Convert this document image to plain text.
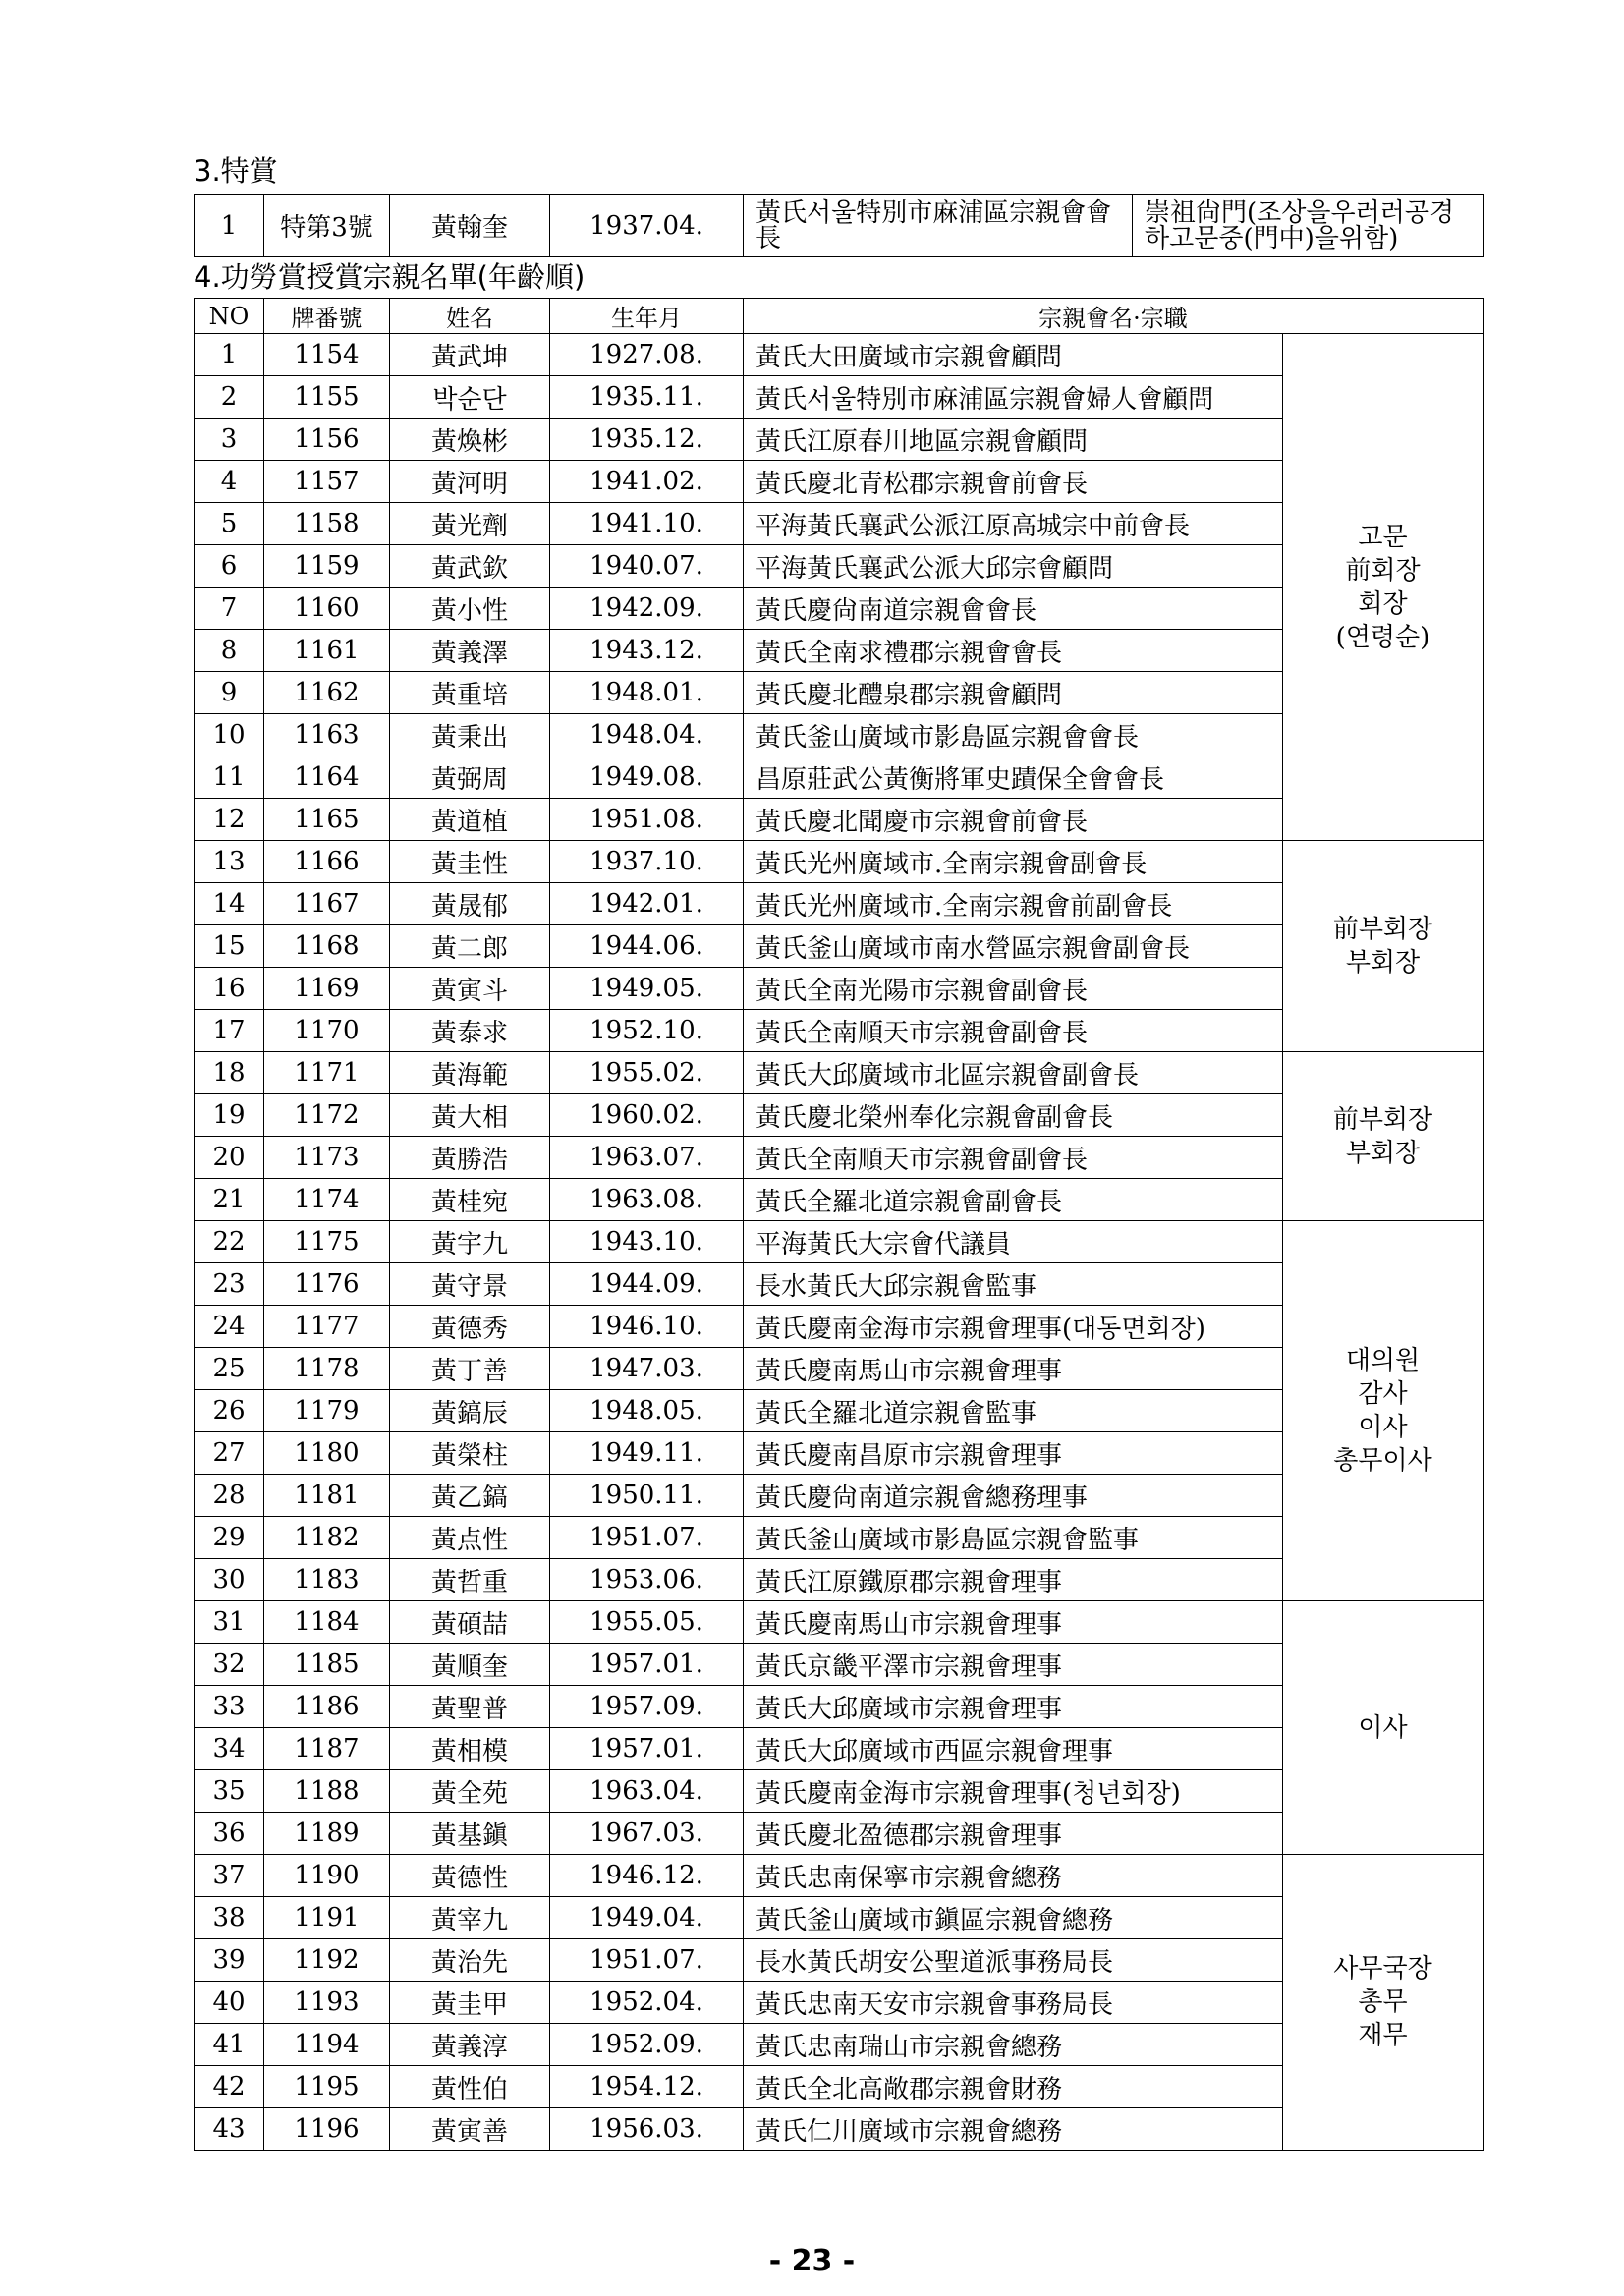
3.特賞
1	特第3號	黃翰奎	1937.04.	黃氏서울特別市麻浦區宗親會會長	崇祖尙門(조상을우러러공경하고문중(門中)을위함)
4.功勞賞授賞宗親名單(年齡順)
NO	牌番號	姓名	生年月	宗親會名·宗職	
1	1154	黃武坤	1927.08.	黃氏大田廣域市宗親會顧問	고문
前회장
회장
(연령순)

2	1155	박순단	1935.11.	黃氏서울特別市麻浦區宗親會婦人會顧問	
3	1156	黃煥彬	1935.12.	黃氏江原春川地區宗親會顧問	
4	1157	黃河明	1941.02.	黃氏慶北青松郡宗親會前會長	
5	1158	黃光劑	1941.10.	平海黃氏襄武公派江原高城宗中前會長	
6	1159	黃武欽	1940.07.	平海黃氏襄武公派大邱宗會顧問	
7	1160	黃小性	1942.09.	黃氏慶尙南道宗親會會長	
8	1161	黃義澤	1943.12.	黃氏全南求禮郡宗親會會長	
9	1162	黃重培	1948.01.	黃氏慶北醴泉郡宗親會顧問	
10	1163	黃秉出	1948.04.	黃氏釜山廣域市影島區宗親會會長	
11	1164	黃弼周	1949.08.	昌原莊武公黃衡將軍史蹟保全會會長	
12	1165	黃道植	1951.08.	黃氏慶北聞慶市宗親會前會長	
13	1166	黃圭性	1937.10.	黃氏光州廣域市.全南宗親會副會長	前부회장
부회장

14	1167	黃晟郁	1942.01.	黃氏光州廣域市.全南宗親會前副會長	
15	1168	黃二郎	1944.06.	黃氏釜山廣域市南水營區宗親會副會長	
16	1169	黃寅斗	1949.05.	黃氏全南光陽市宗親會副會長	
17	1170	黃泰求	1952.10.	黃氏全南順天市宗親會副會長	
18	1171	黃海範	1955.02.	黃氏大邱廣域市北區宗親會副會長	前부회장
부회장

19	1172	黃大相	1960.02.	黃氏慶北榮州奉化宗親會副會長	
20	1173	黃勝浩	1963.07.	黃氏全南順天市宗親會副會長	
21	1174	黃桂宛	1963.08.	黃氏全羅北道宗親會副會長	
22	1175	黃宇九	1943.10.	平海黃氏大宗會代議員	대의원
감사
이사
총무이사

23	1176	黃守景	1944.09.	長水黃氏大邱宗親會監事	
24	1177	黃德秀	1946.10.	黃氏慶南金海市宗親會理事(대동면회장)	
25	1178	黃丁善	1947.03.	黃氏慶南馬山市宗親會理事	
26	1179	黃鎬辰	1948.05.	黃氏全羅北道宗親會監事	
27	1180	黃榮柱	1949.11.	黃氏慶南昌原市宗親會理事	
28	1181	黃乙鎬	1950.11.	黃氏慶尙南道宗親會總務理事	
29	1182	黃点性	1951.07.	黃氏釜山廣域市影島區宗親會監事	
30	1183	黃哲重	1953.06.	黃氏江原鐵原郡宗親會理事	
31	1184	黃碩喆	1955.05.	黃氏慶南馬山市宗親會理事	이사

32	1185	黃順奎	1957.01.	黃氏京畿平澤市宗親會理事	
33	1186	黃聖普	1957.09.	黃氏大邱廣域市宗親會理事	
34	1187	黃相模	1957.01.	黃氏大邱廣域市西區宗親會理事	
35	1188	黃全苑	1963.04.	黃氏慶南金海市宗親會理事(청년회장)	
36	1189	黃基鎭	1967.03.	黃氏慶北盈德郡宗親會理事	
37	1190	黃德性	1946.12.	黃氏忠南保寧市宗親會總務	사무국장
총무
재무

38	1191	黃宰九	1949.04.	黃氏釜山廣域市鎭區宗親會總務	
39	1192	黃治先	1951.07.	長水黃氏胡安公聖道派事務局長	
40	1193	黃圭甲	1952.04.	黃氏忠南天安市宗親會事務局長	
41	1194	黃義淳	1952.09.	黃氏忠南瑞山市宗親會總務	
42	1195	黃性伯	1954.12.	黃氏全北高敞郡宗親會財務	
43	1196	黃寅善	1956.03.	黃氏仁川廣域市宗親會總務	
- 23 -
